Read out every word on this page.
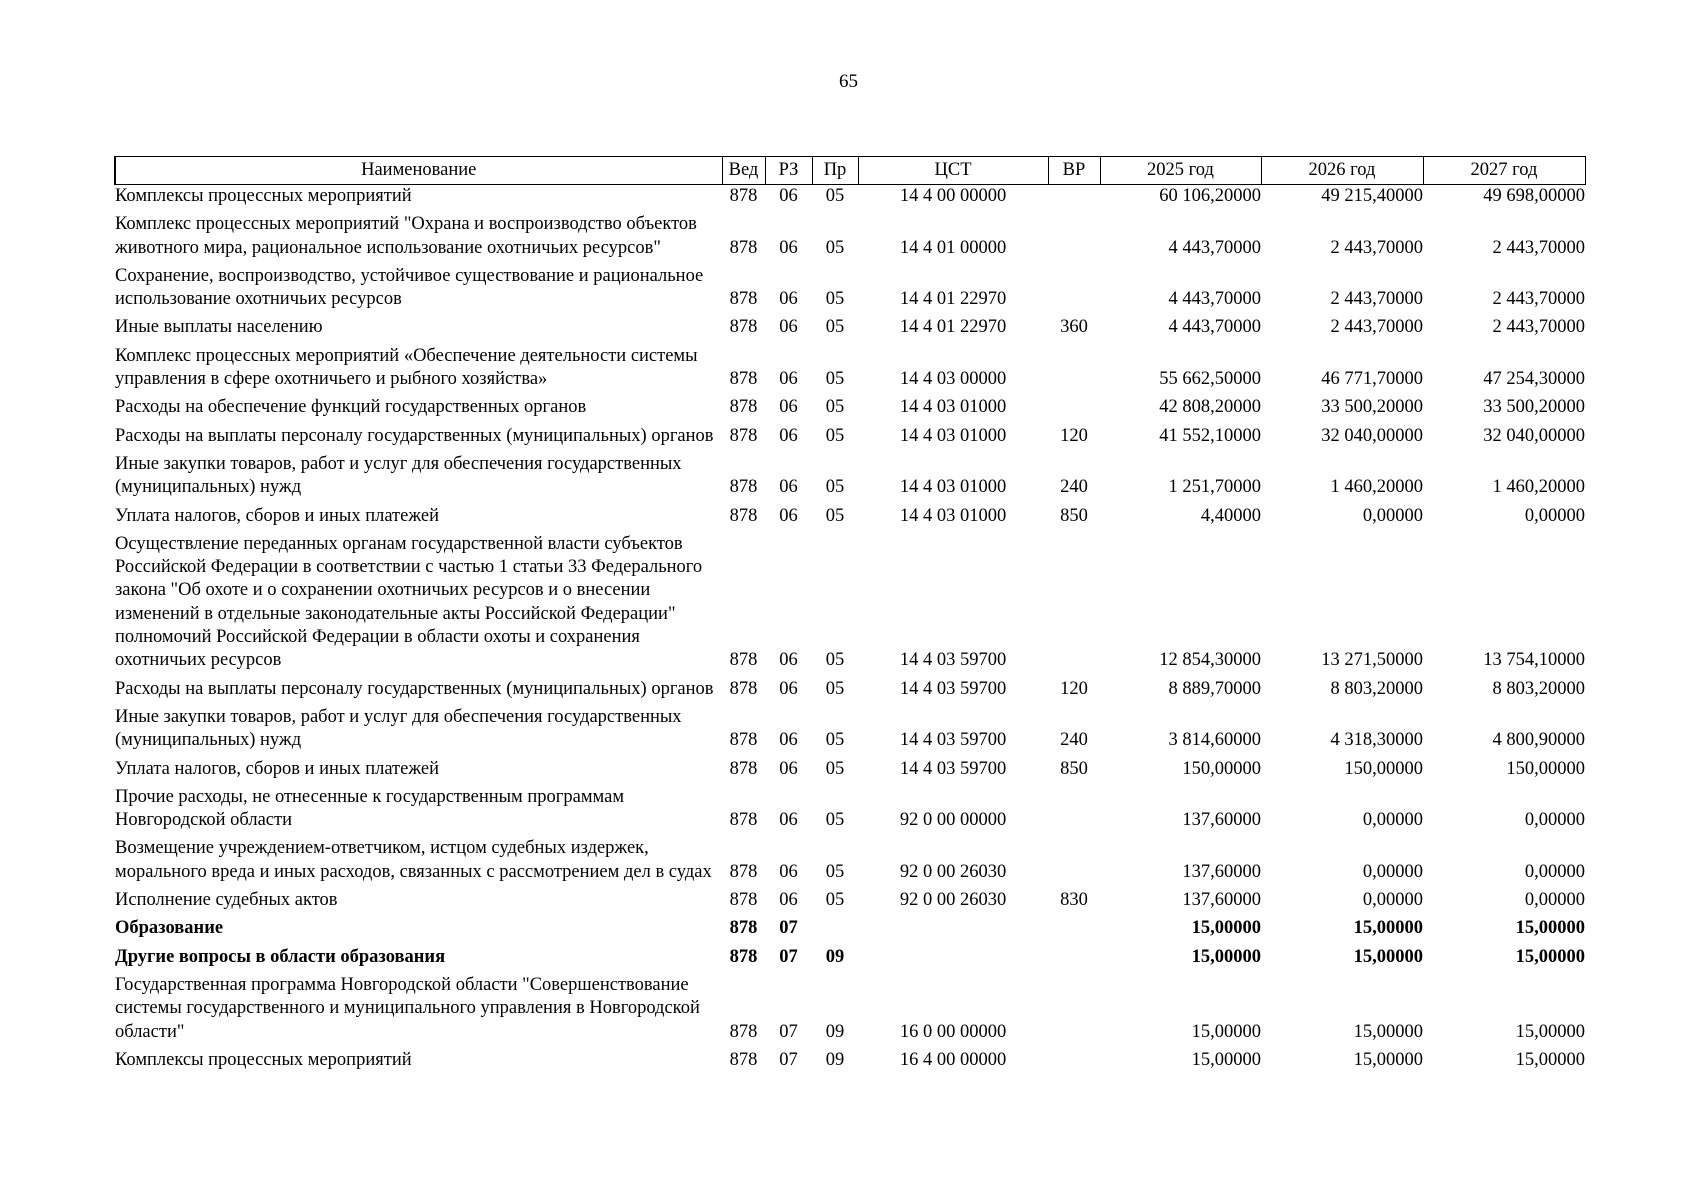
65
Наименование	Вед	РЗ	Пр	ЦСТ	ВР	2025 год	2026 год	2027 год
Комплексы процессных мероприятий	878	06	05	14 4 00 00000		60 106,20000	49 215,40000	49 698,00000
Комплекс процессных мероприятий "Охрана и воспроизводство объектов животного мира, рациональное использование охотничьих ресурсов"	878	06	05	14 4 01 00000		4 443,70000	2 443,70000	2 443,70000
Сохранение, воспроизводство, устойчивое существование и рациональное использование охотничьих ресурсов	878	06	05	14 4 01 22970		4 443,70000	2 443,70000	2 443,70000
Иные выплаты населению	878	06	05	14 4 01 22970	360	4 443,70000	2 443,70000	2 443,70000
Комплекс процессных мероприятий «Обеспечение деятельности системы управления в сфере охотничьего и рыбного хозяйства»	878	06	05	14 4 03 00000		55 662,50000	46 771,70000	47 254,30000
Расходы на обеспечение функций государственных органов	878	06	05	14 4 03 01000		42 808,20000	33 500,20000	33 500,20000
Расходы на выплаты персоналу государственных (муниципальных) органов	878	06	05	14 4 03 01000	120	41 552,10000	32 040,00000	32 040,00000
Иные закупки товаров, работ и услуг для обеспечения государственных (муниципальных) нужд	878	06	05	14 4 03 01000	240	1 251,70000	1 460,20000	1 460,20000
Уплата налогов, сборов и иных платежей	878	06	05	14 4 03 01000	850	4,40000	0,00000	0,00000
Осуществление переданных органам государственной власти субъектов Российской Федерации в соответствии с частью 1 статьи 33 Федерального закона "Об охоте и о сохранении охотничьих ресурсов и о внесении изменений в отдельные законодательные акты Российской Федерации" полномочий Российской Федерации в области охоты и сохранения охотничьих ресурсов	878	06	05	14 4 03 59700		12 854,30000	13 271,50000	13 754,10000
Расходы на выплаты персоналу государственных (муниципальных) органов	878	06	05	14 4 03 59700	120	8 889,70000	8 803,20000	8 803,20000
Иные закупки товаров, работ и услуг для обеспечения государственных (муниципальных) нужд	878	06	05	14 4 03 59700	240	3 814,60000	4 318,30000	4 800,90000
Уплата налогов, сборов и иных платежей	878	06	05	14 4 03 59700	850	150,00000	150,00000	150,00000
Прочие расходы, не отнесенные к государственным программам Новгородской области	878	06	05	92 0 00 00000		137,60000	0,00000	0,00000
Возмещение учреждением-ответчиком, истцом судебных издержек, морального вреда и иных расходов, связанных с рассмотрением дел в судах	878	06	05	92 0 00 26030		137,60000	0,00000	0,00000
Исполнение судебных актов	878	06	05	92 0 00 26030	830	137,60000	0,00000	0,00000
Образование	878	07				15,00000	15,00000	15,00000
Другие вопросы в области образования	878	07	09			15,00000	15,00000	15,00000
Государственная программа Новгородской области "Совершенствование системы государственного и муниципального управления в Новгородской области"	878	07	09	16 0 00 00000		15,00000	15,00000	15,00000
Комплексы процессных мероприятий	878	07	09	16 4 00 00000		15,00000	15,00000	15,00000
